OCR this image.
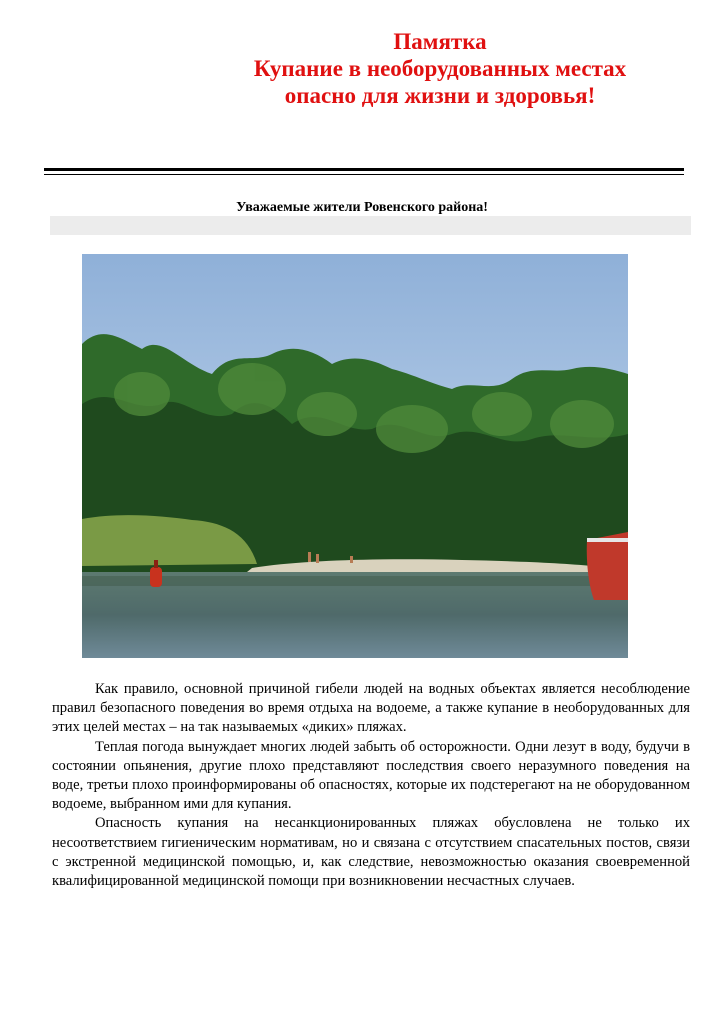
Памятка
Купание в необорудованных местах
опасно для жизни и здоровья!
Уважаемые жители Ровенского района!

Как правило, основной причиной гибели людей на водных объектах является несоблюдение правил безопасного поведения во время отдыха на водоеме, а также купание в необорудованных для этих целей местах – на так называемых «диких» пляжах.

Теплая погода вынуждает многих людей забыть об осторожности. Одни лезут в воду, будучи в состоянии опьянения, другие плохо представляют последствия своего неразумного поведения на воде, третьи плохо проинформированы об опасностях, которые их подстерегают на не оборудованном водоеме, выбранном ими для купания.

Опасность купания на несанкционированных пляжах обусловлена не только их несоответствием гигиеническим нормативам, но и связана с отсутствием спасательных постов, связи с экстренной медицинской помощью, и, как следствие, невозможностью оказания своевременной квалифицированной медицинской помощи при возникновении несчастных случаев.
